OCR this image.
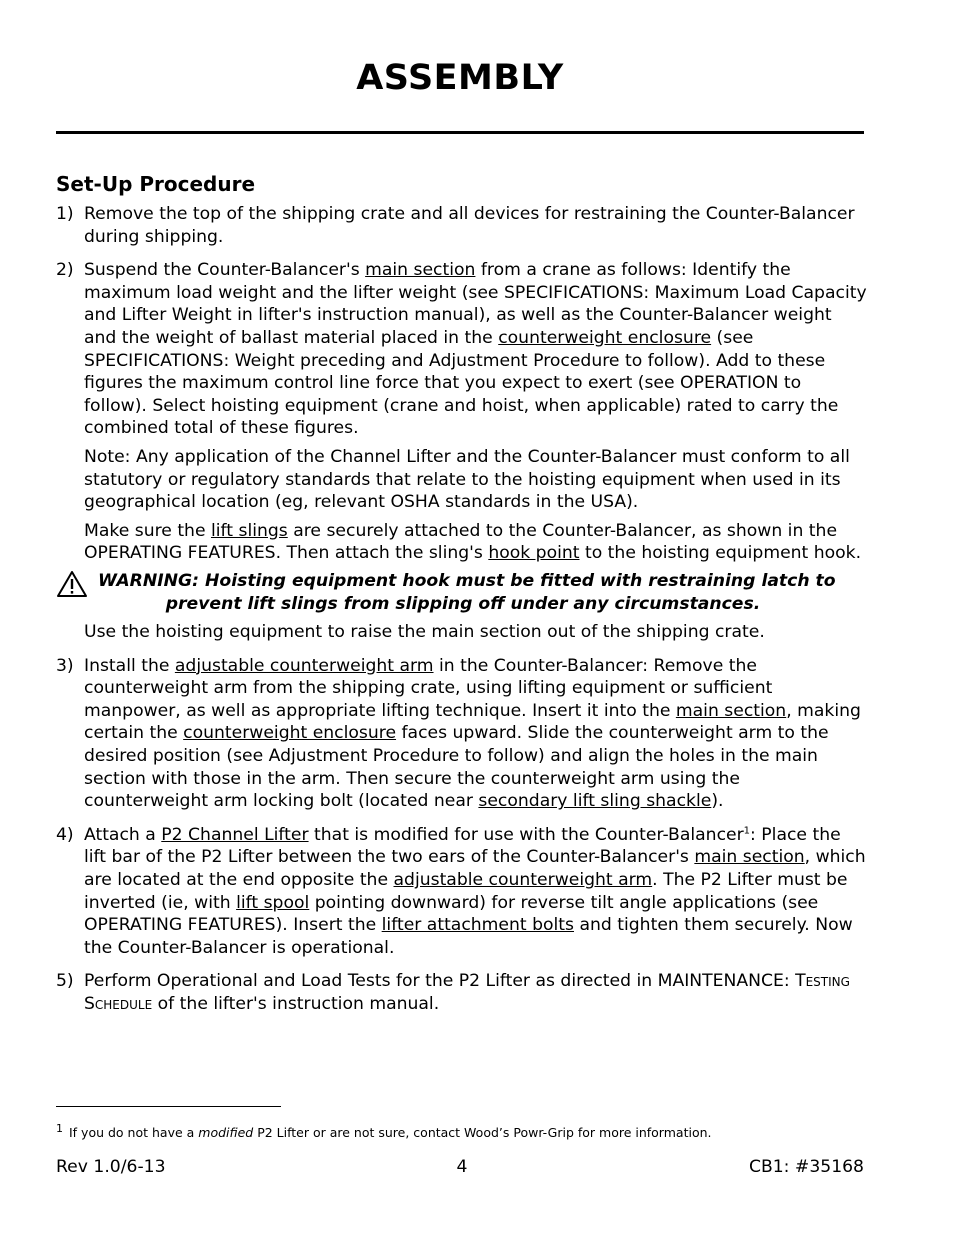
ASSEMBLY
Set-Up Procedure
1) Remove the top of the shipping crate and all devices for restraining the Counter-Balancer during shipping.
2) Suspend the Counter-Balancer's main section from a crane as follows: Identify the maximum load weight and the lifter weight (see SPECIFICATIONS: Maximum Load Capacity and Lifter Weight in lifter's instruction manual), as well as the Counter-Balancer weight and the weight of ballast material placed in the counterweight enclosure (see SPECIFICATIONS: Weight preceding and Adjustment Procedure to follow). Add to these figures the maximum control line force that you expect to exert (see OPERATION to follow). Select hoisting equipment (crane and hoist, when applicable) rated to carry the combined total of these figures.
Note: Any application of the Channel Lifter and the Counter-Balancer must conform to all statutory or regulatory standards that relate to the hoisting equipment when used in its geographical location (eg, relevant OSHA standards in the USA).
Make sure the lift slings are securely attached to the Counter-Balancer, as shown in the OPERATING FEATURES. Then attach the sling's hook point to the hoisting equipment hook.
WARNING: Hoisting equipment hook must be fitted with restraining latch to
prevent lift slings from slipping off under any circumstances.
Use the hoisting equipment to raise the main section out of the shipping crate.
3) Install the adjustable counterweight arm in the Counter-Balancer: Remove the counterweight arm from the shipping crate, using lifting equipment or sufficient manpower, as well as appropriate lifting technique. Insert it into the main section, making certain the counterweight enclosure faces upward. Slide the counterweight arm to the desired position (see Adjustment Procedure to follow) and align the holes in the main section with those in the arm. Then secure the counterweight arm using the counterweight arm locking bolt (located near secondary lift sling shackle).
4) Attach a P2 Channel Lifter that is modified for use with the Counter-Balancer$^1$: Place the lift bar of the P2 Lifter between the two ears of the Counter-Balancer's main section, which are located at the end opposite the adjustable counterweight arm. The P2 Lifter must be inverted (ie, with lift spool pointing downward) for reverse tilt angle applications (see OPERATING FEATURES). Insert the lifter attachment bolts and tighten them securely. Now the Counter-Balancer is operational.
5) Perform Operational and Load Tests for the P2 Lifter as directed in MAINTENANCE: Testing Schedule of the lifter's instruction manual.
$^1$ If you do not have a modified P2 Lifter or are not sure, contact Wood’s Powr-Grip for more information.
Rev 1.0/6-13	4	CB1: #35168
